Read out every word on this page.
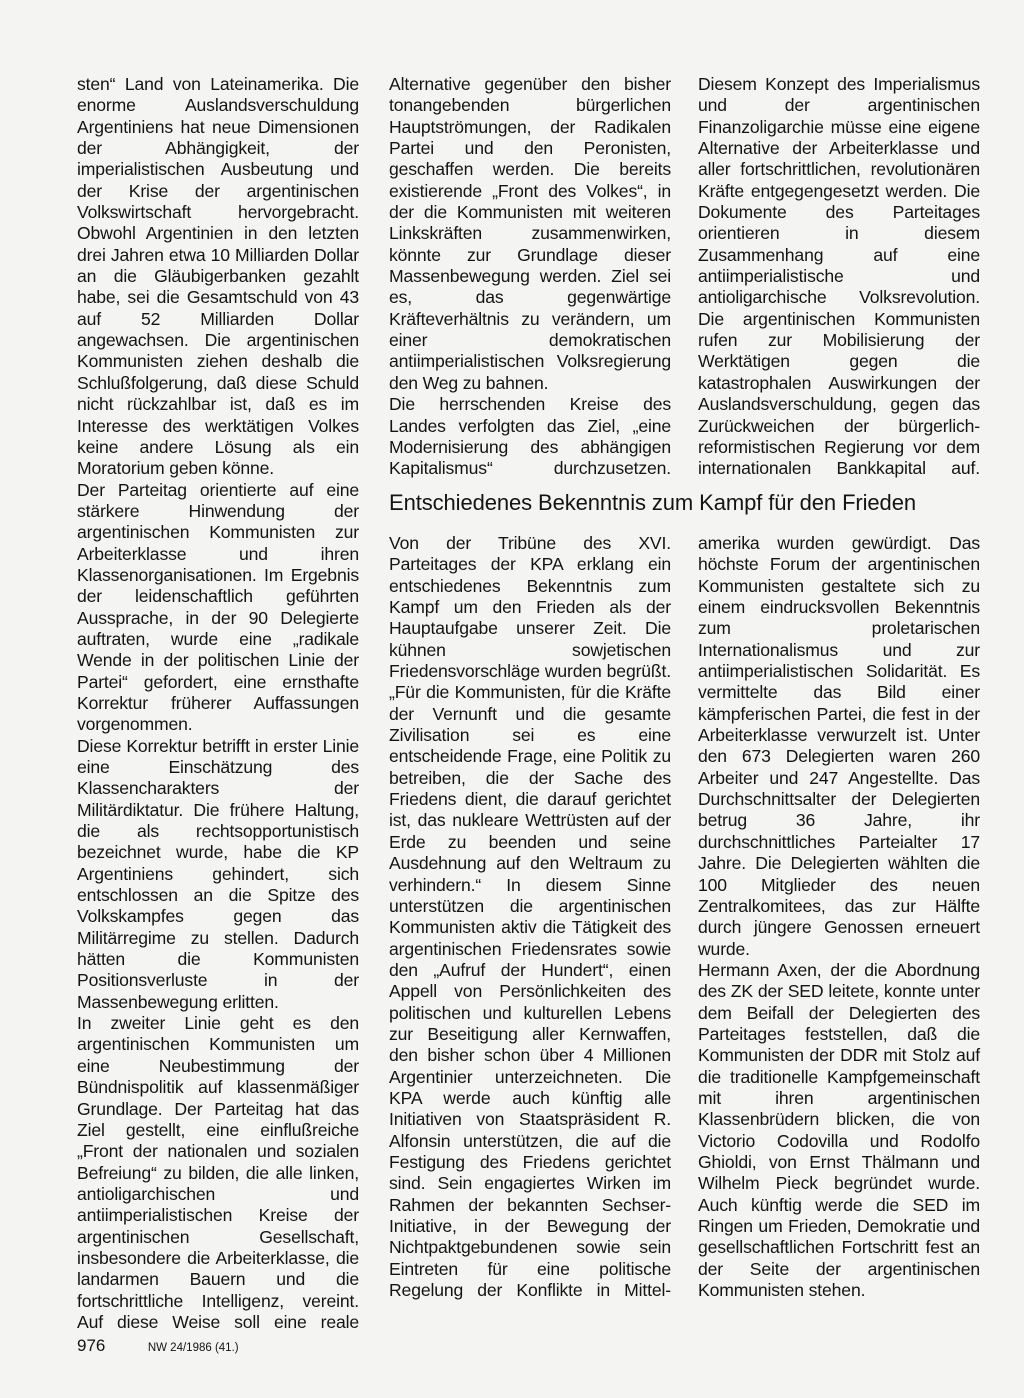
sten“ Land von Lateinamerika. Die enorme Auslandsverschuldung Argentiniens hat neue Dimensionen der Abhängigkeit, der imperialistischen Ausbeutung und der Krise der argentinischen Volkswirtschaft hervorgebracht. Obwohl Argentinien in den letzten drei Jahren etwa 10 Milliarden Dollar an die Gläubigerbanken gezahlt habe, sei die Gesamtschuld von 43 auf 52 Milliarden Dollar angewachsen. Die argentinischen Kommunisten ziehen deshalb die Schlußfolgerung, daß diese Schuld nicht rückzahlbar ist, daß es im Interesse des werktätigen Volkes keine andere Lösung als ein Moratorium geben könne.

Der Parteitag orientierte auf eine stärkere Hinwendung der argentinischen Kommunisten zur Arbeiterklasse und ihren Klassenorganisationen. Im Ergebnis der leidenschaftlich geführten Aussprache, in der 90 Delegierte auftraten, wurde eine „radikale Wende in der politischen Linie der Partei“ gefordert, eine ernsthafte Korrektur früherer Auffassungen vorgenommen.

Diese Korrektur betrifft in erster Linie eine Einschätzung des Klassencharakters der Militärdiktatur. Die frühere Haltung, die als rechtsopportunistisch bezeichnet wurde, habe die KP Argentiniens gehindert, sich entschlossen an die Spitze des Volkskampfes gegen das Militärregime zu stellen. Dadurch hätten die Kommunisten Positionsverluste in der Massenbewegung erlitten.

In zweiter Linie geht es den argentinischen Kommunisten um eine Neubestimmung der Bündnispolitik auf klassenmäßiger Grundlage. Der Parteitag hat das Ziel gestellt, eine einflußreiche „Front der nationalen und sozialen Befreiung“ zu bilden, die alle linken, antioligarchischen und antiimperialistischen Kreise der argentinischen Gesellschaft, insbesondere die Arbeiterklasse, die landarmen Bauern und die fortschrittliche Intelligenz, vereint. Auf diese Weise soll eine reale

Alternative gegenüber den bisher tonangebenden bürgerlichen Hauptströmungen, der Radikalen Partei und den Peronisten, geschaffen werden. Die bereits existierende „Front des Volkes“, in der die Kommunisten mit weiteren Linkskräften zusammenwirken, könnte zur Grundlage dieser Massenbewegung werden. Ziel sei es, das gegenwärtige Kräfteverhältnis zu verändern, um einer demokratischen antiimperialistischen Volksregierung den Weg zu bahnen.

Die herrschenden Kreise des Landes verfolgten das Ziel, „eine Modernisierung des abhängigen Kapitalismus“ durchzusetzen.

Diesem Konzept des Imperialismus und der argentinischen Finanzoligarchie müsse eine eigene Alternative der Arbeiterklasse und aller fortschrittlichen, revolutionären Kräfte entgegengesetzt werden. Die Dokumente des Parteitages orientieren in diesem Zusammenhang auf eine antiimperialistische und antioligarchische Volksrevolution. Die argentinischen Kommunisten rufen zur Mobilisierung der Werktätigen gegen die katastrophalen Auswirkungen der Auslandsverschuldung, gegen das Zurückweichen der bürgerlich-reformistischen Regierung vor dem internationalen Bankkapital auf.

Entschiedenes Bekenntnis zum Kampf für den Frieden

Von der Tribüne des XVI. Parteitages der KPA erklang ein entschiedenes Bekenntnis zum Kampf um den Frieden als der Hauptaufgabe unserer Zeit. Die kühnen sowjetischen Friedensvorschläge wurden begrüßt. „Für die Kommunisten, für die Kräfte der Vernunft und die gesamte Zivilisation sei es eine entscheidende Frage, eine Politik zu betreiben, die der Sache des Friedens dient, die darauf gerichtet ist, das nukleare Wettrüsten auf der Erde zu beenden und seine Ausdehnung auf den Weltraum zu verhindern.“ In diesem Sinne unterstützen die argentinischen Kommunisten aktiv die Tätigkeit des argentinischen Friedensrates sowie den „Aufruf der Hundert“, einen Appell von Persönlichkeiten des politischen und kulturellen Lebens zur Beseitigung aller Kernwaffen, den bisher schon über 4 Millionen Argentinier unterzeichneten. Die KPA werde auch künftig alle Initiativen von Staatspräsident R. Alfonsin unterstützen, die auf die Festigung des Friedens gerichtet sind. Sein engagiertes Wirken im Rahmen der bekannten Sechser-Initiative, in der Bewegung der Nichtpaktgebundenen sowie sein Eintreten für eine politische Regelung der Konflikte in Mittel-

amerika wurden gewürdigt. Das höchste Forum der argentinischen Kommunisten gestaltete sich zu einem eindrucksvollen Bekenntnis zum proletarischen Internationalismus und zur antiimperialistischen Solidarität. Es vermittelte das Bild einer kämpferischen Partei, die fest in der Arbeiterklasse verwurzelt ist. Unter den 673 Delegierten waren 260 Arbeiter und 247 Angestellte. Das Durchschnittsalter der Delegierten betrug 36 Jahre, ihr durchschnittliches Parteialter 17 Jahre. Die Delegierten wählten die 100 Mitglieder des neuen Zentralkomitees, das zur Hälfte durch jüngere Genossen erneuert wurde.

Hermann Axen, der die Abordnung des ZK der SED leitete, konnte unter dem Beifall der Delegierten des Parteitages feststellen, daß die Kommunisten der DDR mit Stolz auf die traditionelle Kampfgemeinschaft mit ihren argentinischen Klassenbrüdern blicken, die von Victorio Codovilla und Rodolfo Ghioldi, von Ernst Thälmann und Wilhelm Pieck begründet wurde. Auch künftig werde die SED im Ringen um Frieden, Demokratie und gesellschaftlichen Fortschritt fest an der Seite der argentinischen Kommunisten stehen.

976	NW 24/1986 (41.)
